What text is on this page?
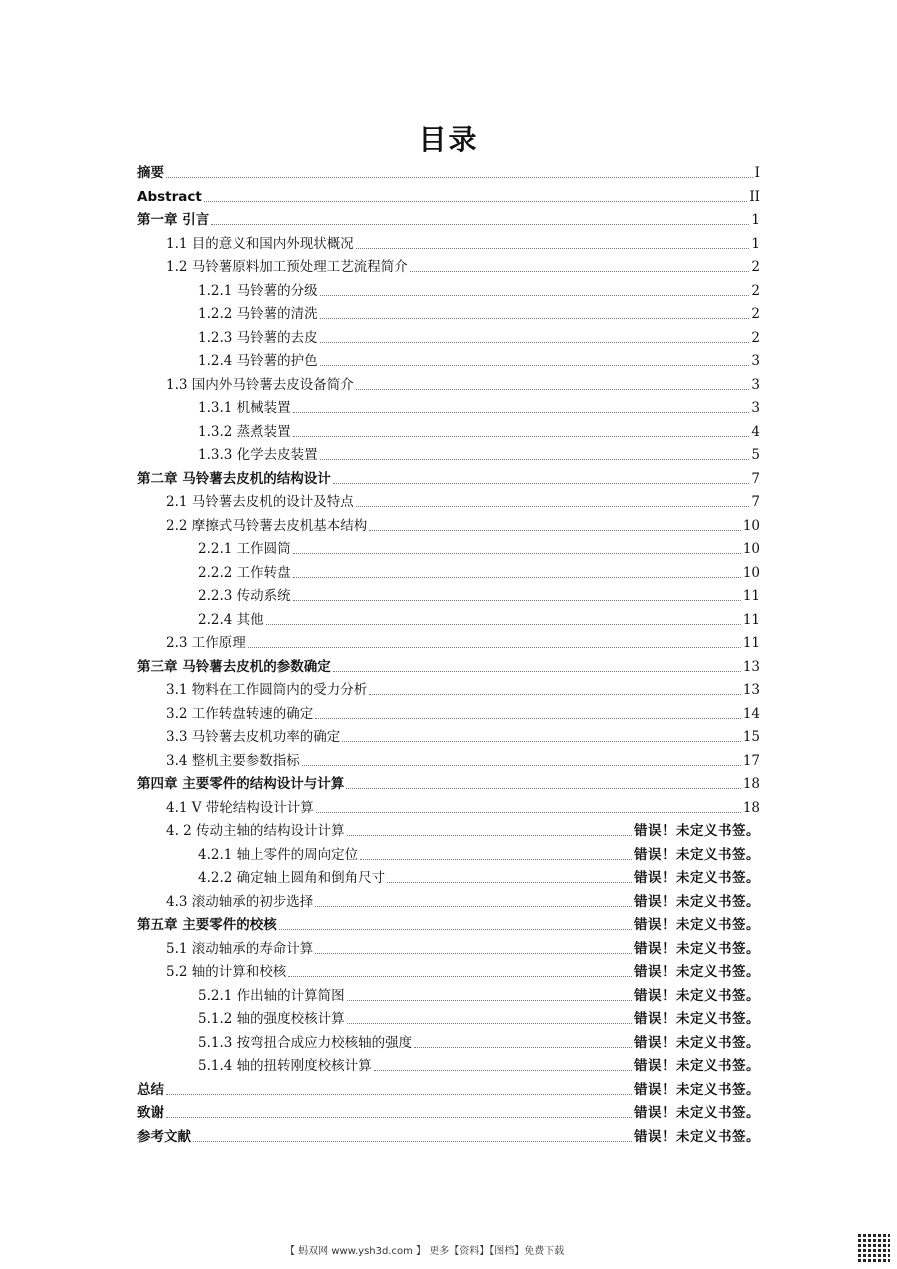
目录
摘要	I
Abstract	II
第一章 引言	1
1.1 目的意义和国内外现状概况	1
1.2 马铃薯原料加工预处理工艺流程简介	2
1.2.1 马铃薯的分级	2
1.2.2 马铃薯的清洗	2
1.2.3 马铃薯的去皮	2
1.2.4 马铃薯的护色	3
1.3 国内外马铃薯去皮设备简介	3
1.3.1 机械装置	3
1.3.2 蒸煮装置	4
1.3.3 化学去皮装置	5
第二章 马铃薯去皮机的结构设计	7
2.1 马铃薯去皮机的设计及特点	7
2.2 摩擦式马铃薯去皮机基本结构	10
2.2.1 工作圆筒	10
2.2.2 工作转盘	10
2.2.3 传动系统	11
2.2.4 其他	11
2.3 工作原理	11
第三章 马铃薯去皮机的参数确定	13
3.1 物料在工作圆筒内的受力分析	13
3.2 工作转盘转速的确定	14
3.3 马铃薯去皮机功率的确定	15
3.4 整机主要参数指标	17
第四章 主要零件的结构设计与计算	18
4.1 V 带轮结构设计计算	18
4. 2 传动主轴的结构设计计算	错误！未定义书签。
4.2.1 轴上零件的周向定位	错误！未定义书签。
4.2.2 确定轴上圆角和倒角尺寸	错误！未定义书签。
4.3 滚动轴承的初步选择	错误！未定义书签。
第五章 主要零件的校核	错误！未定义书签。
5.1 滚动轴承的寿命计算	错误！未定义书签。
5.2 轴的计算和校核	错误！未定义书签。
5.2.1 作出轴的计算简图	错误！未定义书签。
5.1.2 轴的强度校核计算	错误！未定义书签。
5.1.3 按弯扭合成应力校核轴的强度	错误！未定义书签。
5.1.4 轴的扭转刚度校核计算	错误！未定义书签。
总结	错误！未定义书签。
致谢	错误！未定义书签。
参考文献	错误！未定义书签。
【 蚂双网 www.ysh3d.com 】 更多【资料】【图档】免费下载
